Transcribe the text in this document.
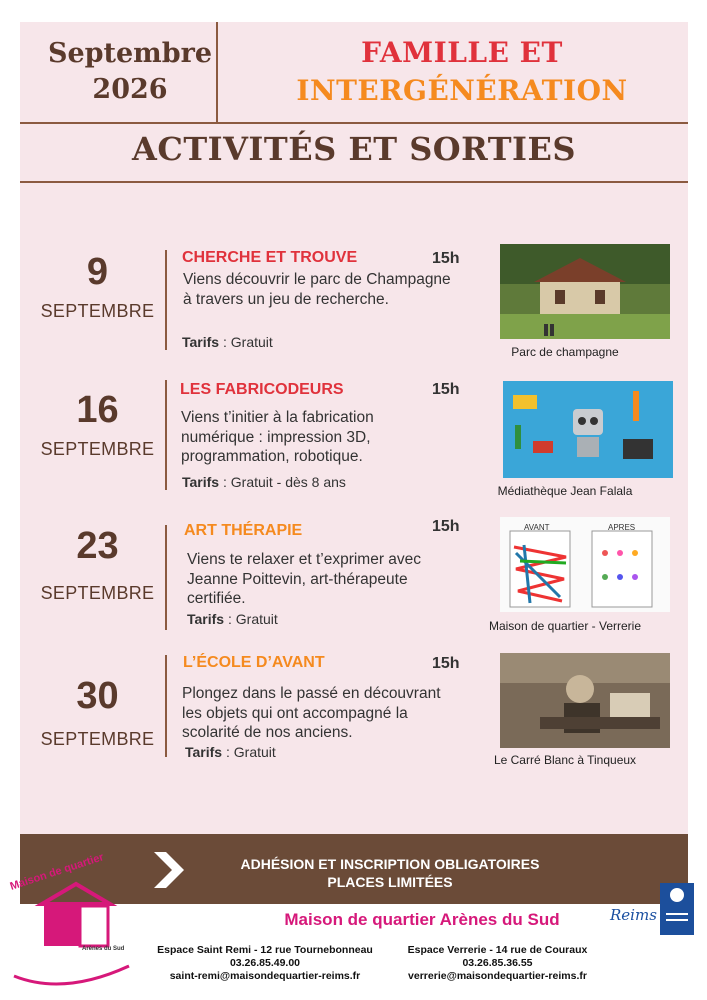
Septembre
2026
FAMILLE ET
INTERGÉNÉRATION
ACTIVITÉS ET SORTIES
9
SEPTEMBRE
CHERCHE ET TROUVE	15h
Viens découvrir le parc de Champagne à travers un jeu de recherche.
Tarifs : Gratuit
Parc de champagne
16
SEPTEMBRE
LES FABRICODEURS	15h
Viens t’initier à la fabrication numérique : impression 3D, programmation, robotique.
Tarifs : Gratuit - dès 8 ans
Médiathèque Jean Falala
23
SEPTEMBRE
ART THÉRAPIE	15h
Viens te relaxer et t’exprimer avec Jeanne Poittevin, art-thérapeute certifiée.
Tarifs : Gratuit
AVANT	APRES
Maison de quartier - Verrerie
30
SEPTEMBRE
L’ÉCOLE D’AVANT	15h
Plongez dans le passé en découvrant les objets qui ont accompagné la scolarité de nos anciens.
Tarifs : Gratuit	Le Carré Blanc à Tinqueux
ADHÉSION ET INSCRIPTION OBLIGATOIRES
PLACES LIMITÉES
Maison de quartier
Arènes du Sud
Maison de quartier Arènes du Sud
Espace Saint Remi - 12 rue Tournebonneau
03.26.85.49.00
saint-remi@maisondequartier-reims.fr
Espace Verrerie - 14 rue de Couraux
03.26.85.36.55
verrerie@maisondequartier-reims.fr
Reims
